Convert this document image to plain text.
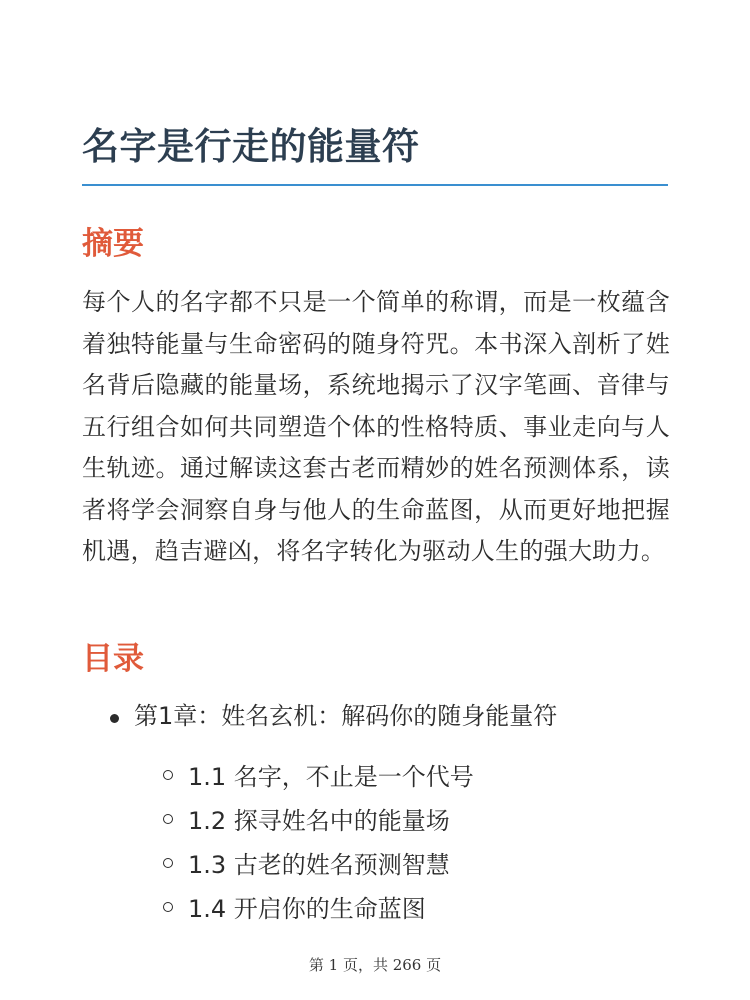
名字是行走的能量符
摘要

每个人的名字都不只是一个简单的称谓，而是一枚蕴含着独特能量与生命密码的随身符咒。本书深入剖析了姓名背后隐藏的能量场，系统地揭示了汉字笔画、音律与五行组合如何共同塑造个体的性格特质、事业走向与人生轨迹。通过解读这套古老而精妙的姓名预测体系，读者将学会洞察自身与他人的生命蓝图，从而更好地把握机遇，趋吉避凶，将名字转化为驱动人生的强大助力。

目录
第1章：姓名玄机：解码你的随身能量符
1.1 名字，不止是一个代号
1.2 探寻姓名中的能量场
1.3 古老的姓名预测智慧
1.4 开启你的生命蓝图
第 1 页，共 266 页
